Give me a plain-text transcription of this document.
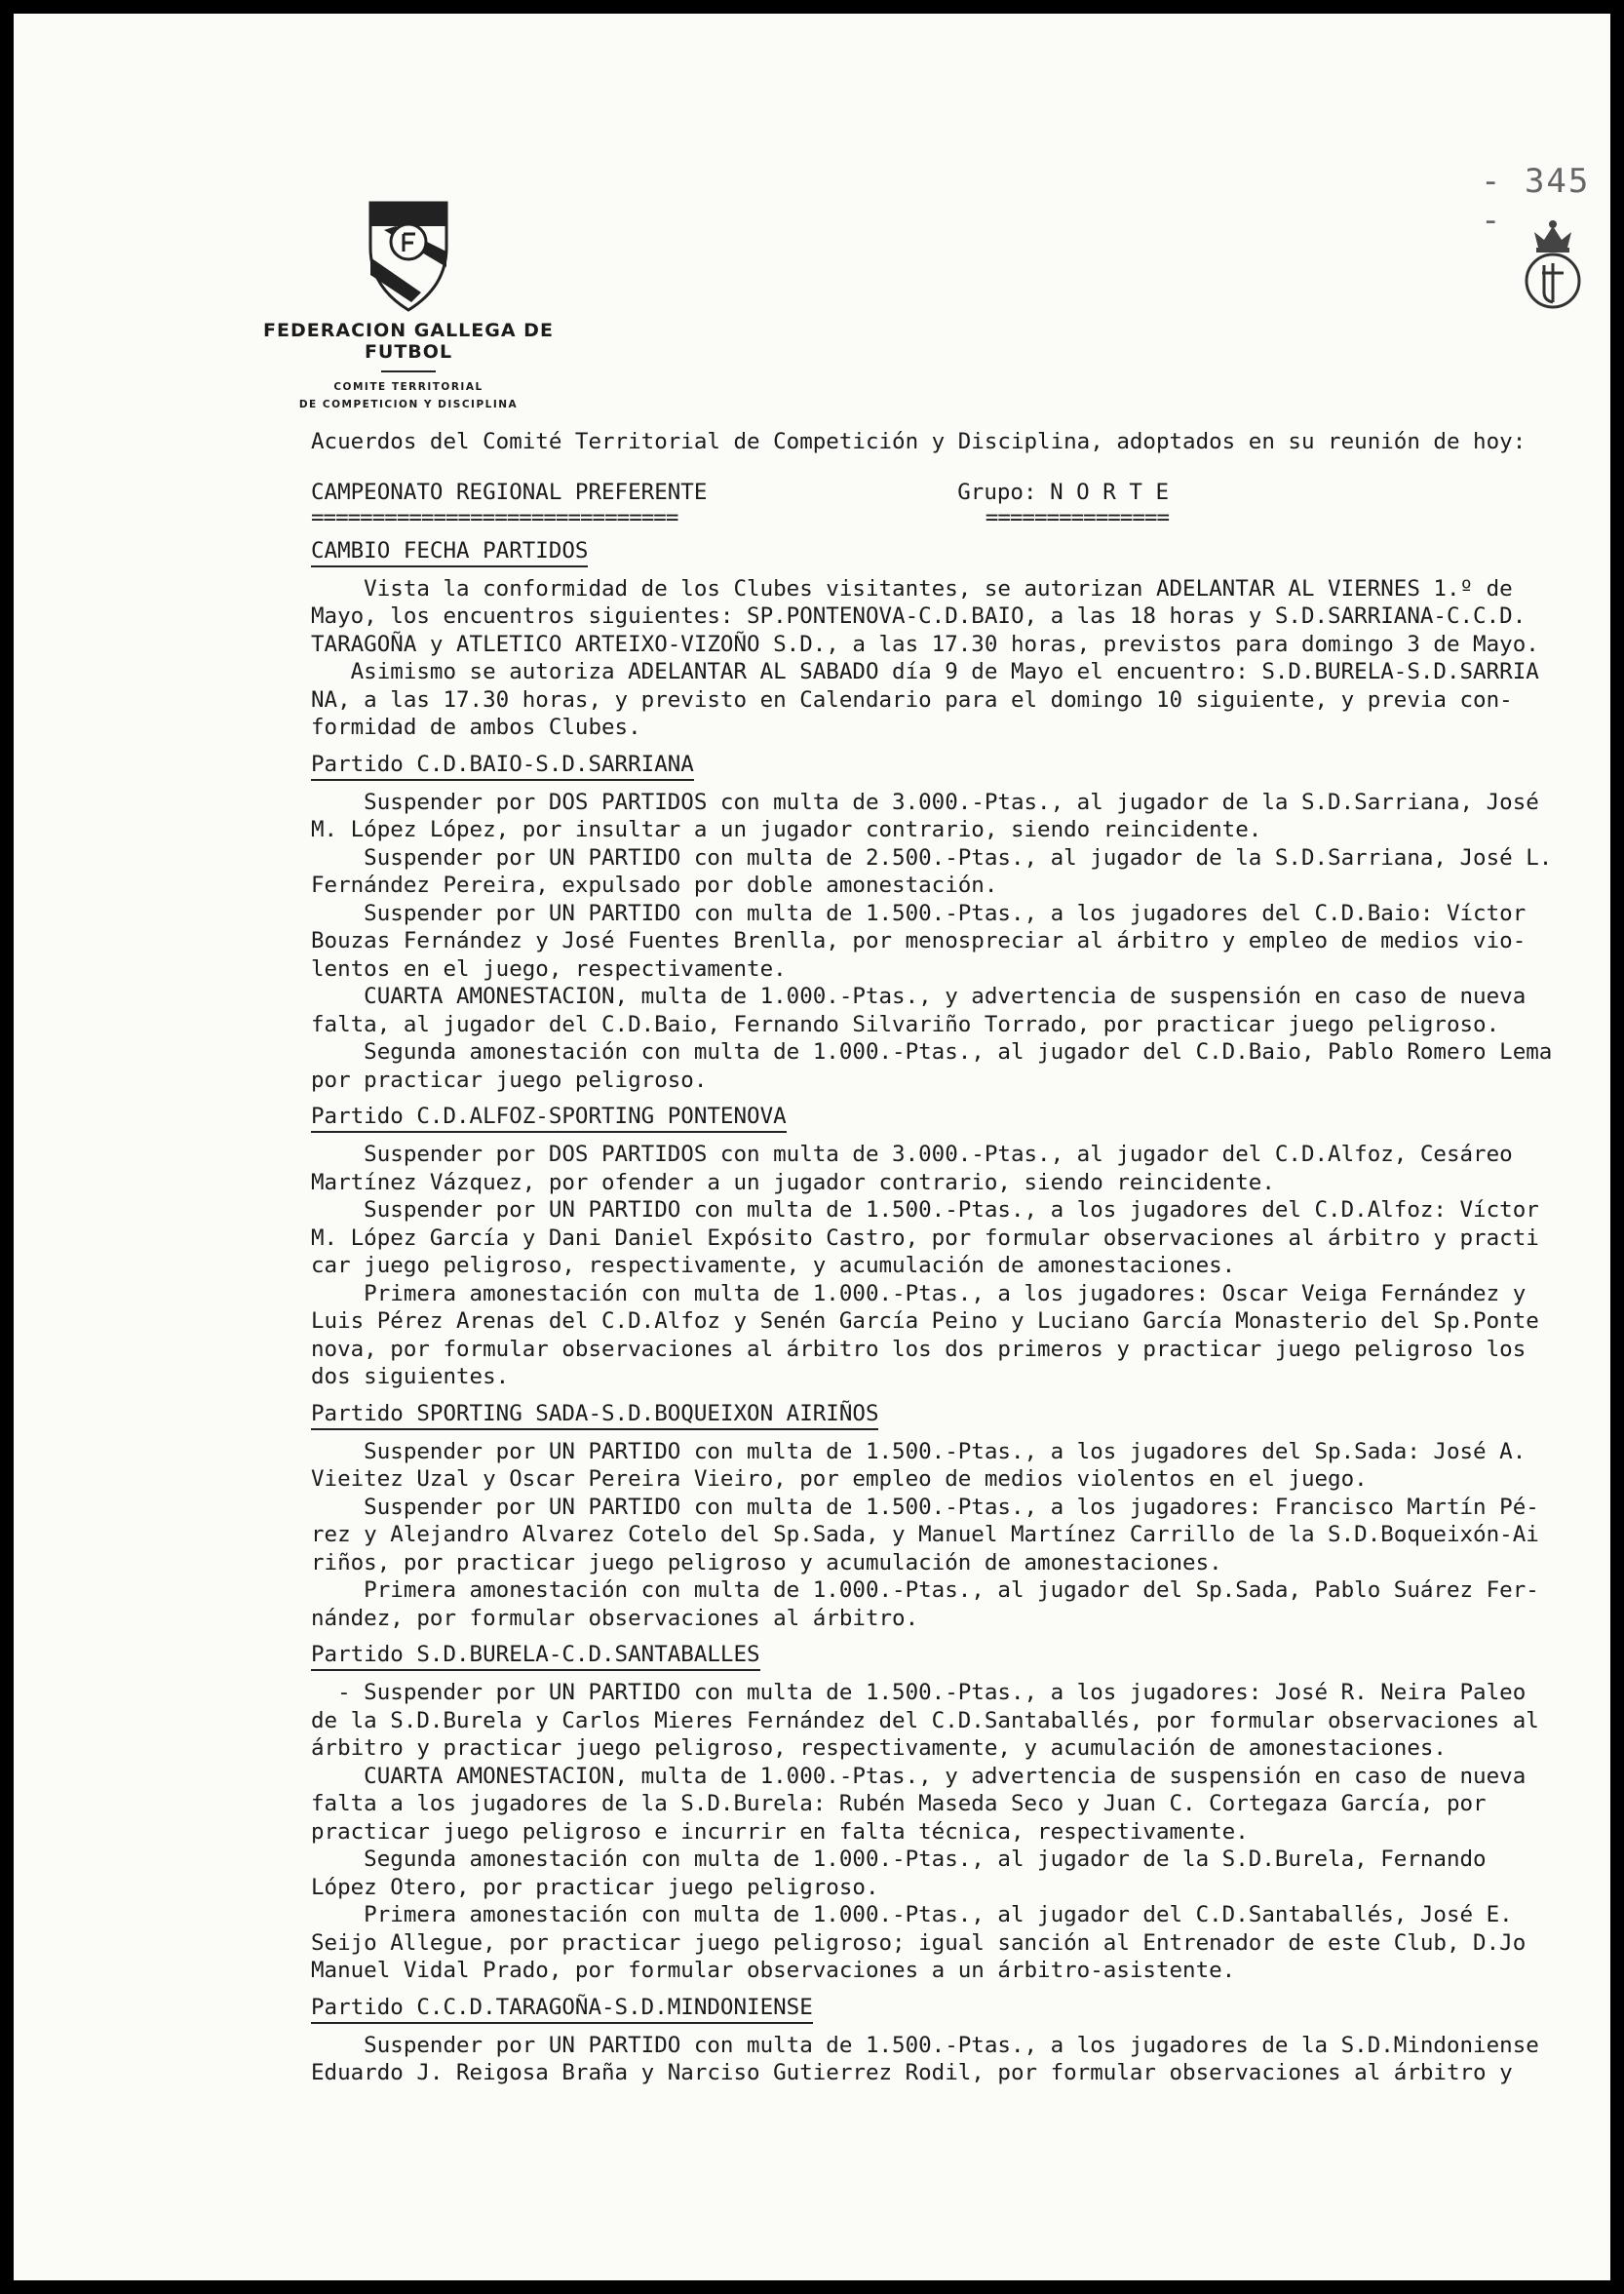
- 345 -
FEDERACION GALLEGA DE FUTBOL
COMITE TERRITORIAL
DE COMPETICION Y DISCIPLINA
Acuerdos del Comité Territorial de Competición y Disciplina, adoptados en su reunión de hoy:
CAMPEONATO REGIONAL PREFERENTE	Grupo: N O R T E
==============================	===============
CAMBIO FECHA PARTIDOS
Vista la conformidad de los Clubes visitantes, se autorizan ADELANTAR AL VIERNES 1.º de
Mayo, los encuentros siguientes: SP.PONTENOVA-C.D.BAIO, a las 18 horas y S.D.SARRIANA-C.C.D.
TARAGOÑA y ATLETICO ARTEIXO-VIZOÑO S.D., a las 17.30 horas, previstos para domingo 3 de Mayo.
Asimismo se autoriza ADELANTAR AL SABADO día 9 de Mayo el encuentro: S.D.BURELA-S.D.SARRIA
NA, a las 17.30 horas, y previsto en Calendario para el domingo 10 siguiente, y previa con-
formidad de ambos Clubes.
Partido C.D.BAIO-S.D.SARRIANA
Suspender por DOS PARTIDOS con multa de 3.000.-Ptas., al jugador de la S.D.Sarriana, José
M. López López, por insultar a un jugador contrario, siendo reincidente.
Suspender por UN PARTIDO con multa de 2.500.-Ptas., al jugador de la S.D.Sarriana, José L.
Fernández Pereira, expulsado por doble amonestación.
Suspender por UN PARTIDO con multa de 1.500.-Ptas., a los jugadores del C.D.Baio: Víctor
Bouzas Fernández y José Fuentes Brenlla, por menospreciar al árbitro y empleo de medios vio-
lentos en el juego, respectivamente.
CUARTA AMONESTACION, multa de 1.000.-Ptas., y advertencia de suspensión en caso de nueva
falta, al jugador del C.D.Baio, Fernando Silvariño Torrado, por practicar juego peligroso.
Segunda amonestación con multa de 1.000.-Ptas., al jugador del C.D.Baio, Pablo Romero Lema
por practicar juego peligroso.
Partido C.D.ALFOZ-SPORTING PONTENOVA
Suspender por DOS PARTIDOS con multa de 3.000.-Ptas., al jugador del C.D.Alfoz, Cesáreo
Martínez Vázquez, por ofender a un jugador contrario, siendo reincidente.
Suspender por UN PARTIDO con multa de 1.500.-Ptas., a los jugadores del C.D.Alfoz: Víctor
M. López García y Dani Daniel Expósito Castro, por formular observaciones al árbitro y practi
car juego peligroso, respectivamente, y acumulación de amonestaciones.
Primera amonestación con multa de 1.000.-Ptas., a los jugadores: Oscar Veiga Fernández y
Luis Pérez Arenas del C.D.Alfoz y Senén García Peino y Luciano García Monasterio del Sp.Ponte
nova, por formular observaciones al árbitro los dos primeros y practicar juego peligroso los
dos siguientes.
Partido SPORTING SADA-S.D.BOQUEIXON AIRIÑOS
Suspender por UN PARTIDO con multa de 1.500.-Ptas., a los jugadores del Sp.Sada: José A.
Vieitez Uzal y Oscar Pereira Vieiro, por empleo de medios violentos en el juego.
Suspender por UN PARTIDO con multa de 1.500.-Ptas., a los jugadores: Francisco Martín Pé-
rez y Alejandro Alvarez Cotelo del Sp.Sada, y Manuel Martínez Carrillo de la S.D.Boqueixón-Ai
riños, por practicar juego peligroso y acumulación de amonestaciones.
Primera amonestación con multa de 1.000.-Ptas., al jugador del Sp.Sada, Pablo Suárez Fer-
nández, por formular observaciones al árbitro.
Partido S.D.BURELA-C.D.SANTABALLES
- Suspender por UN PARTIDO con multa de 1.500.-Ptas., a los jugadores: José R. Neira Paleo
de la S.D.Burela y Carlos Mieres Fernández del C.D.Santaballés, por formular observaciones al
árbitro y practicar juego peligroso, respectivamente, y acumulación de amonestaciones.
CUARTA AMONESTACION, multa de 1.000.-Ptas., y advertencia de suspensión en caso de nueva
falta a los jugadores de la S.D.Burela: Rubén Maseda Seco y Juan C. Cortegaza García, por
practicar juego peligroso e incurrir en falta técnica, respectivamente.
Segunda amonestación con multa de 1.000.-Ptas., al jugador de la S.D.Burela, Fernando
López Otero, por practicar juego peligroso.
Primera amonestación con multa de 1.000.-Ptas., al jugador del C.D.Santaballés, José E.
Seijo Allegue, por practicar juego peligroso; igual sanción al Entrenador de este Club, D.Jo
Manuel Vidal Prado, por formular observaciones a un árbitro-asistente.
Partido C.C.D.TARAGOÑA-S.D.MINDONIENSE
Suspender por UN PARTIDO con multa de 1.500.-Ptas., a los jugadores de la S.D.Mindoniense
Eduardo J. Reigosa Braña y Narciso Gutierrez Rodil, por formular observaciones al árbitro y
